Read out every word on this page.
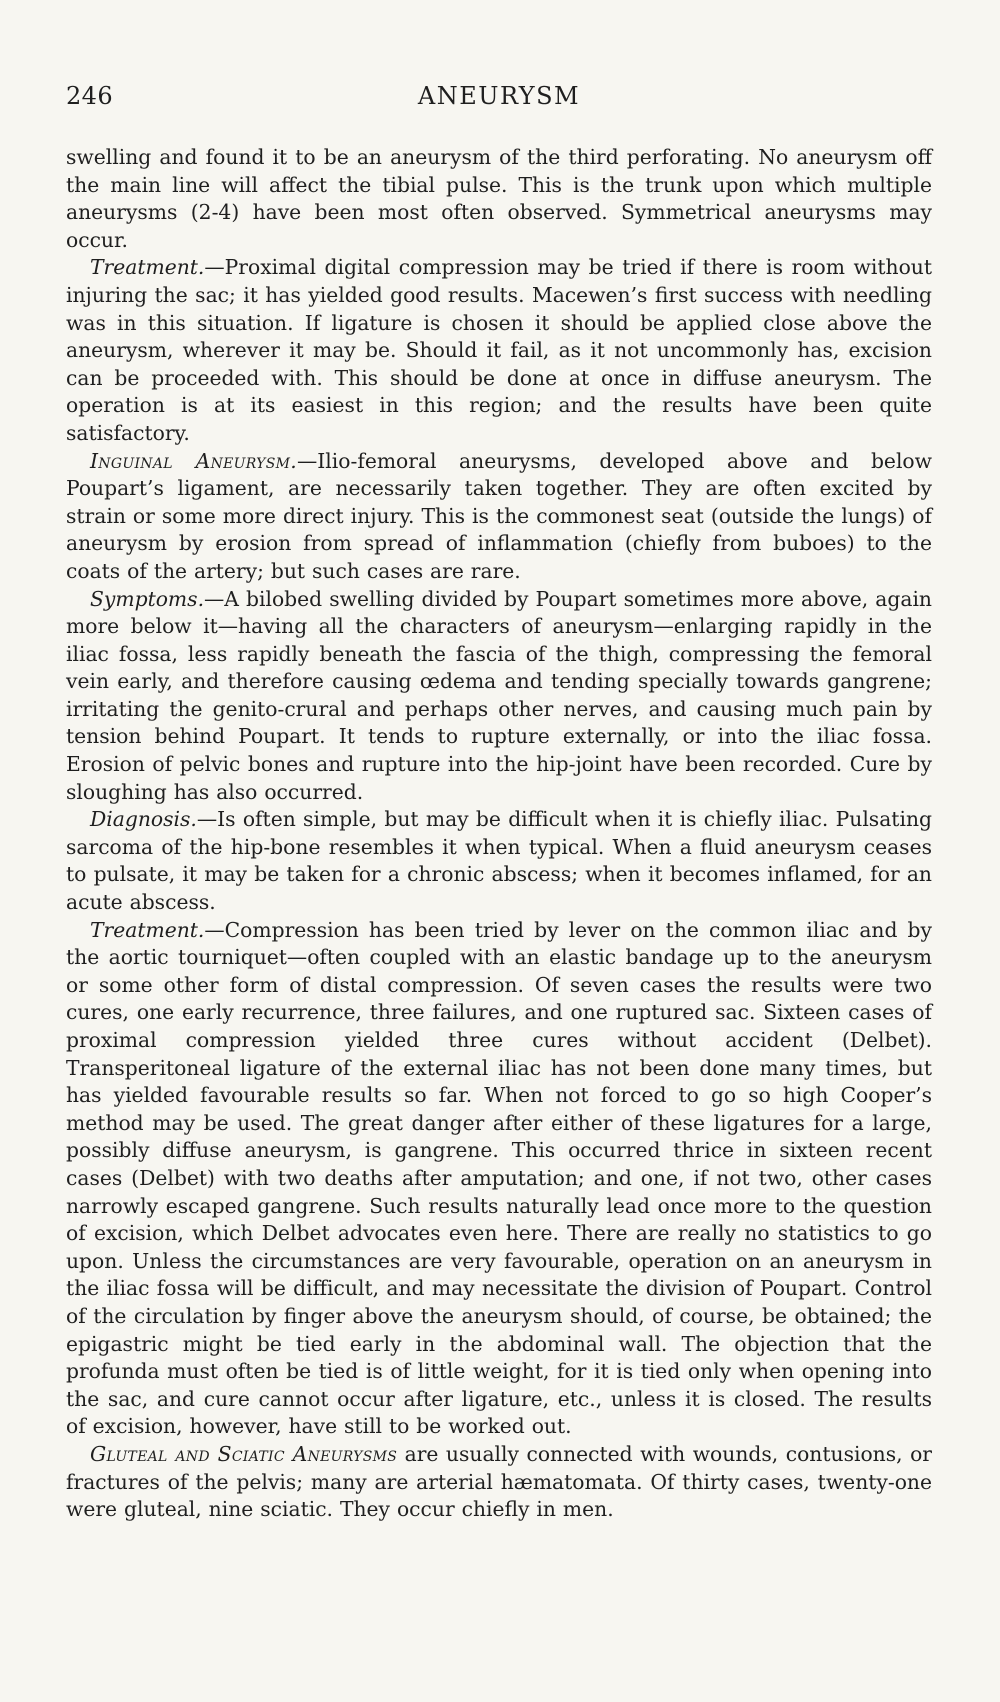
246	ANEURYSM

swelling and found it to be an aneurysm of the third perforating. No aneurysm off the main line will affect the tibial pulse. This is the trunk upon which multiple aneurysms (2-4) have been most often observed. Symmetrical aneurysms may occur.

Treatment.—Proximal digital compression may be tried if there is room without injuring the sac; it has yielded good results. Macewen’s first success with needling was in this situation. If ligature is chosen it should be applied close above the aneurysm, wherever it may be. Should it fail, as it not uncommonly has, excision can be proceeded with. This should be done at once in diffuse aneurysm. The operation is at its easiest in this region; and the results have been quite satisfactory.

Inguinal Aneurysm.—Ilio-femoral aneurysms, developed above and below Poupart’s ligament, are necessarily taken together. They are often excited by strain or some more direct injury. This is the commonest seat (outside the lungs) of aneurysm by erosion from spread of inflammation (chiefly from buboes) to the coats of the artery; but such cases are rare.

Symptoms.—A bilobed swelling divided by Poupart sometimes more above, again more below it—having all the characters of aneurysm—enlarging rapidly in the iliac fossa, less rapidly beneath the fascia of the thigh, compressing the femoral vein early, and therefore causing œdema and tending specially towards gangrene; irritating the genito-crural and perhaps other nerves, and causing much pain by tension behind Poupart. It tends to rupture externally, or into the iliac fossa. Erosion of pelvic bones and rupture into the hip-joint have been recorded. Cure by sloughing has also occurred.

Diagnosis.—Is often simple, but may be difficult when it is chiefly iliac. Pulsating sarcoma of the hip-bone resembles it when typical. When a fluid aneurysm ceases to pulsate, it may be taken for a chronic abscess; when it becomes inflamed, for an acute abscess.

Treatment.—Compression has been tried by lever on the common iliac and by the aortic tourniquet—often coupled with an elastic bandage up to the aneurysm or some other form of distal compression. Of seven cases the results were two cures, one early recurrence, three failures, and one ruptured sac. Sixteen cases of proximal compression yielded three cures without accident (Delbet). Transperitoneal ligature of the external iliac has not been done many times, but has yielded favourable results so far. When not forced to go so high Cooper’s method may be used. The great danger after either of these ligatures for a large, possibly diffuse aneurysm, is gangrene. This occurred thrice in sixteen recent cases (Delbet) with two deaths after amputation; and one, if not two, other cases narrowly escaped gangrene. Such results naturally lead once more to the question of excision, which Delbet advocates even here. There are really no statistics to go upon. Unless the circumstances are very favourable, operation on an aneurysm in the iliac fossa will be difficult, and may necessitate the division of Poupart. Control of the circulation by finger above the aneurysm should, of course, be obtained; the epigastric might be tied early in the abdominal wall. The objection that the profunda must often be tied is of little weight, for it is tied only when opening into the sac, and cure cannot occur after ligature, etc., unless it is closed. The results of excision, however, have still to be worked out.

Gluteal and Sciatic Aneurysms are usually connected with wounds, contusions, or fractures of the pelvis; many are arterial hæmatomata. Of thirty cases, twenty-one were gluteal, nine sciatic. They occur chiefly in men.
